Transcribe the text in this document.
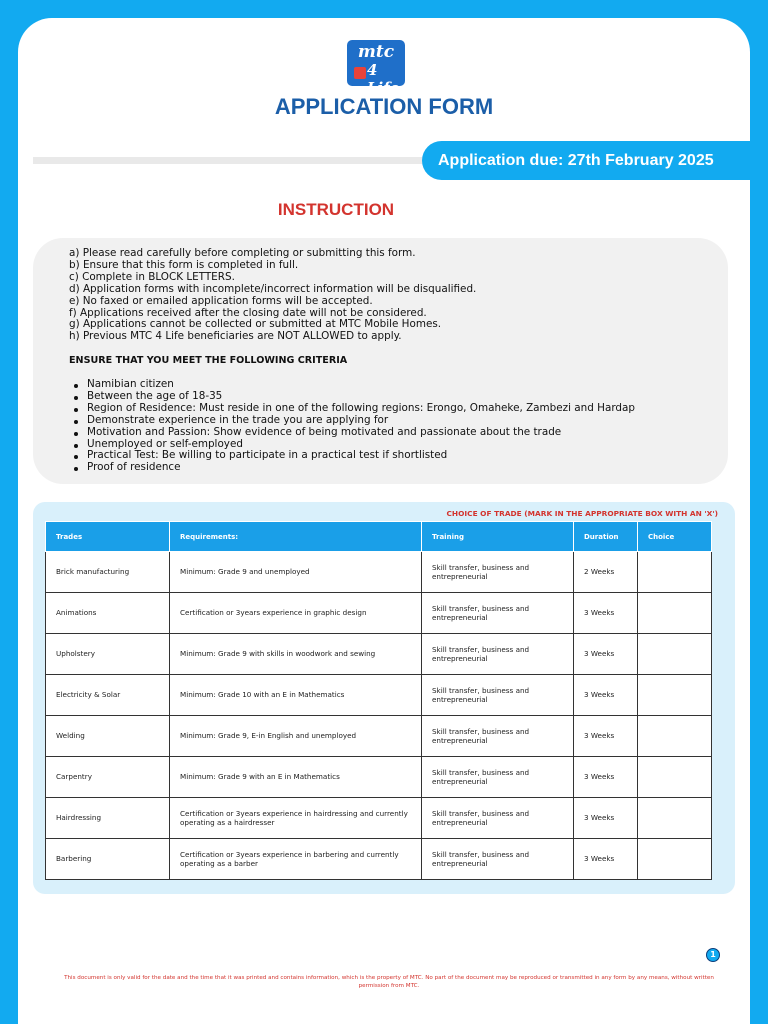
mtc
4 Life
APPLICATION FORM
Application due: 27th February 2025
INSTRUCTION
a) Please read carefully before completing or submitting this form.
b) Ensure that this form is completed in full.
c) Complete in BLOCK LETTERS.
d) Application forms with incomplete/incorrect information will be disqualified.
e) No faxed or emailed application forms will be accepted.
f) Applications received after the closing date will not be considered.
g) Applications cannot be collected or submitted at MTC Mobile Homes.
h) Previous MTC 4 Life beneficiaries are NOT ALLOWED to apply.
ENSURE THAT YOU MEET THE FOLLOWING CRITERIA
Namibian citizen
Between the age of 18-35
Region of Residence: Must reside in one of the following regions: Erongo, Omaheke, Zambezi and Hardap
Demonstrate experience in the trade you are applying for
Motivation and Passion: Show evidence of being motivated and passionate about the trade
Unemployed or self-employed
Practical Test: Be willing to participate in a practical test if shortlisted
Proof of residence
CHOICE OF TRADE (MARK IN THE APPROPRIATE BOX WITH AN 'X')
Trades	Requirements:	Training	Duration	Choice
Brick manufacturing	Minimum: Grade 9 and unemployed	Skill transfer, business and entrepreneurial	2 Weeks	
Animations	Certification or 3years experience in graphic design	Skill transfer, business and entrepreneurial	3 Weeks	
Upholstery	Minimum: Grade 9 with skills in woodwork and sewing	Skill transfer, business and entrepreneurial	3 Weeks	
Electricity & Solar	Minimum: Grade 10 with an E in Mathematics	Skill transfer, business and entrepreneurial	3 Weeks	
Welding	Minimum: Grade 9, E-in English and unemployed	Skill transfer, business and entrepreneurial	3 Weeks	
Carpentry	Minimum: Grade 9 with an E in Mathematics	Skill transfer, business and entrepreneurial	3 Weeks	
Hairdressing	Certification or 3years experience in hairdressing and currently operating as a hairdresser	Skill transfer, business and entrepreneurial	3 Weeks	
Barbering	Certification or 3years experience in barbering and currently operating as a barber	Skill transfer, business and entrepreneurial	3 Weeks	
1
This document is only valid for the date and the time that it was printed and contains information, which is the property of MTC. No part of the document may be reproduced or transmitted in any form by any means, without written permission from MTC.
